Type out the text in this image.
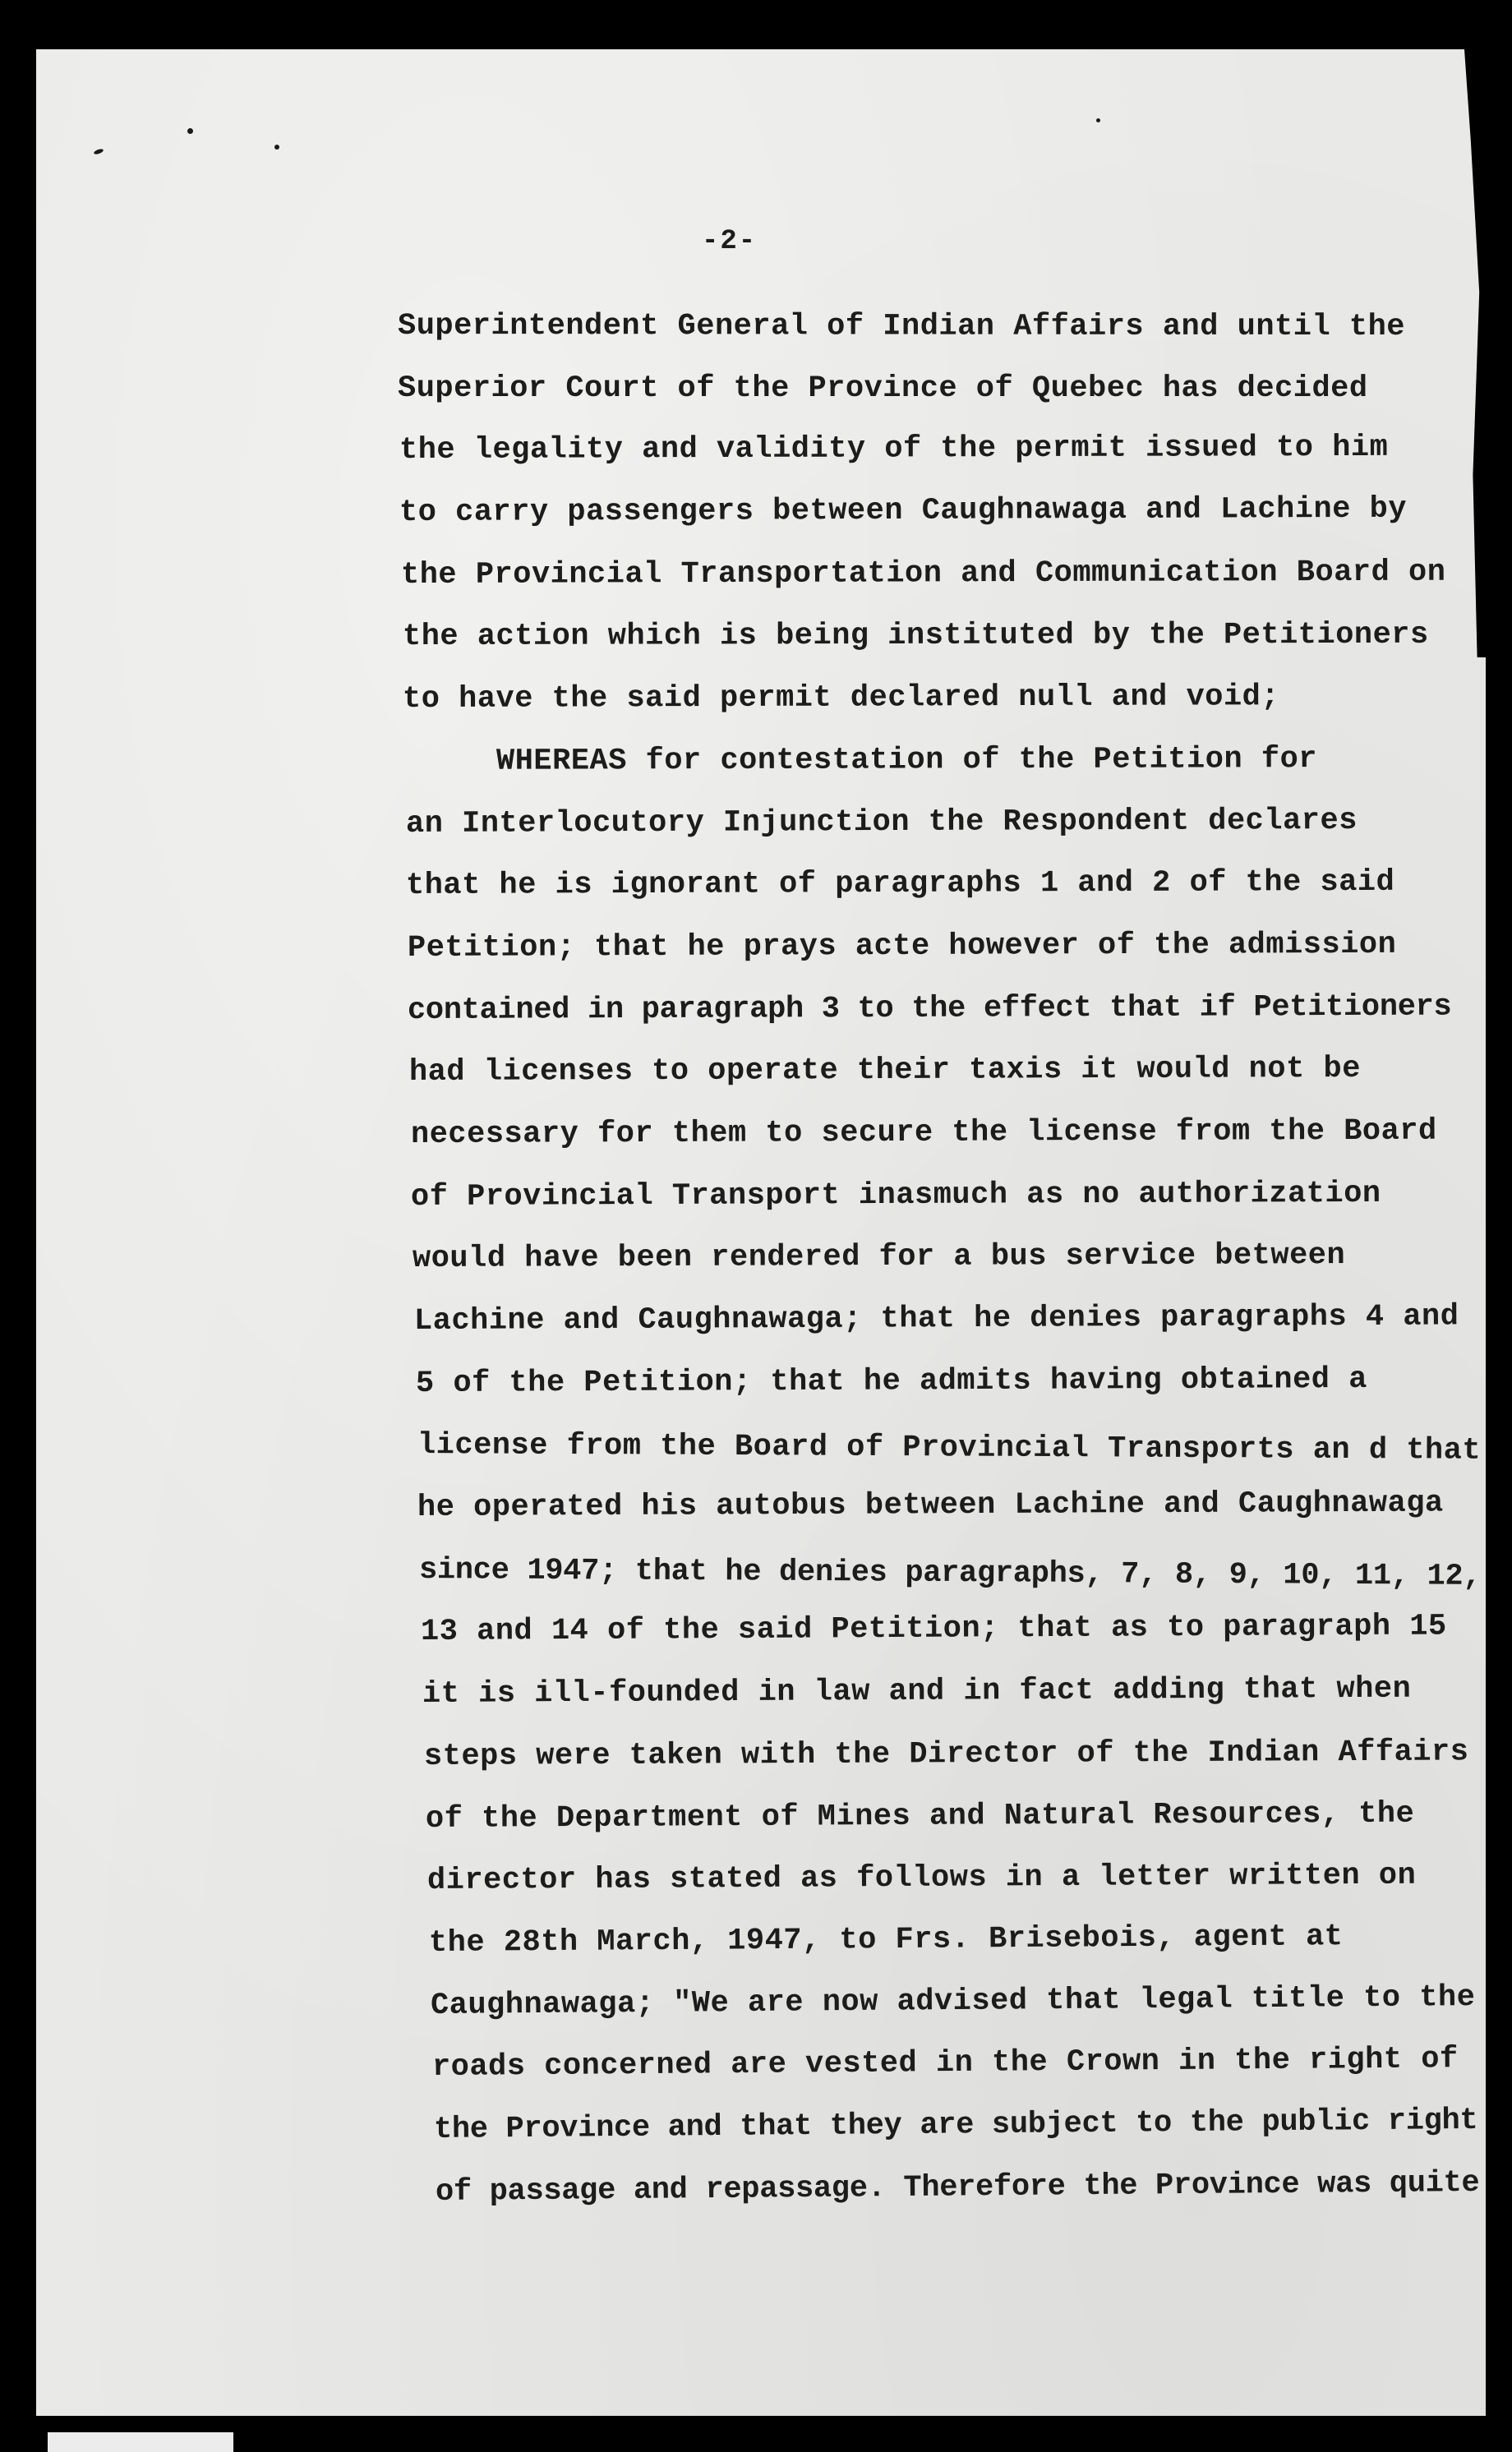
-2-
Superintendent General of Indian Affairs and until the
Superior Court of the Province of Quebec has decided
the legality and validity of the permit issued to him
to carry passengers between Caughnawaga and Lachine by
the Provincial Transportation and Communication Board on
the action which is being instituted by the Petitioners
to have the said permit declared null and void;
WHEREAS for contestation of the Petition for
an Interlocutory Injunction the Respondent declares
that he is ignorant of paragraphs 1 and 2 of the said
Petition; that he prays acte however of the admission
contained in paragraph 3 to the effect that if Petitioners
had licenses to operate their taxis it would not be
necessary for them to secure the license from the Board
of Provincial Transport inasmuch as no authorization
would have been rendered for a bus service between
Lachine and Caughnawaga; that he denies paragraphs 4 and
5 of the Petition; that he admits having obtained a
license from the Board of Provincial Transports an d that
he operated his autobus between Lachine and Caughnawaga
since 1947; that he denies paragraphs, 7, 8, 9, 10, 11, 12,
13 and 14 of the said Petition; that as to paragraph 15
it is ill-founded in law and in fact adding that when
steps were taken with the Director of the Indian Affairs
of the Department of Mines and Natural Resources, the
director has stated as follows in a letter written on
the 28th March, 1947, to Frs. Brisebois, agent at
Caughnawaga; "We are now advised that legal title to the
roads concerned are vested in the Crown in the right of
the Province and that they are subject to the public right
of passage and repassage. Therefore the Province was quite
